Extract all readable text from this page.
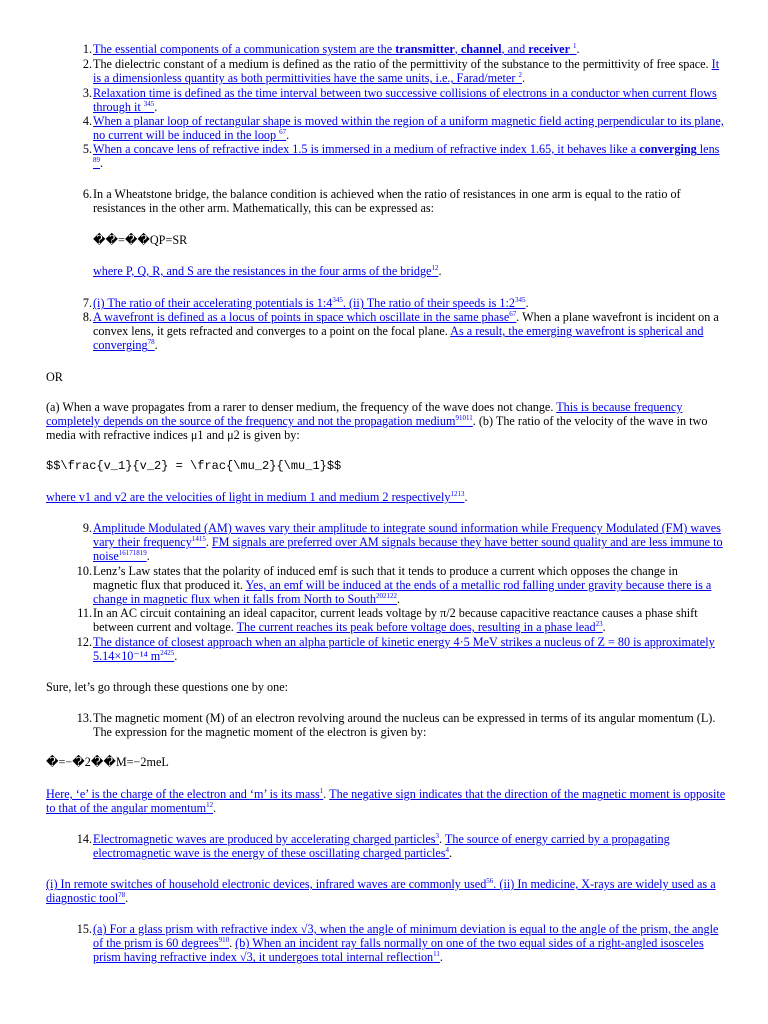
1. The essential components of a communication system are the transmitter, channel, and receiver $^1$.
2. The dielectric constant of a medium is defined as the ratio of the permittivity of the substance to the permittivity of free space. It is a dimensionless quantity as both permittivities have the same units, i.e., Farad/meter $^2$.
3. Relaxation time is defined as the time interval between two successive collisions of electrons in a conductor when current flows through it $^{345}$.
4. When a planar loop of rectangular shape is moved within the region of a uniform magnetic field acting perpendicular to its plane, no current will be induced in the loop $^{67}$.
5. When a concave lens of refractive index 1.5 is immersed in a medium of refractive index 1.65, it behaves like a converging lens $^{89}$.
6. In a Wheatstone bridge, the balance condition is achieved when the ratio of resistances in one arm is equal to the ratio of resistances in the other arm. Mathematically, this can be expressed as:
��=��QP​=SR​
where P, Q, R, and S are the resistances in the four arms of the bridge$^{12}$.
7. (i) The ratio of their accelerating potentials is $1:4^{345}$. (ii) The ratio of their speeds is $1:2^{345}$.
8. A wavefront is defined as a locus of points in space which oscillate in the same phase$^{67}$. When a plane wavefront is incident on a convex lens, it gets refracted and converges to a point on the focal plane. As a result, the emerging wavefront is spherical and converging$^{78}$.
OR
(a) When a wave propagates from a rarer to denser medium, the frequency of the wave does not change. This is because frequency completely depends on the source of the frequency and not the propagation medium$^{91011}$. (b) The ratio of the velocity of the wave in two media with refractive indices μ1 and μ2 is given by:
$$\frac{v_1}{v_2} = \frac{\mu_2}{\mu_1}$$
where v1 and v2 are the velocities of light in medium 1 and medium 2 respectively$^{1213}$.
9. Amplitude Modulated (AM) waves vary their amplitude to integrate sound information while Frequency Modulated (FM) waves vary their frequency$^{1415}$. FM signals are preferred over AM signals because they have better sound quality and are less immune to noise$^{16171819}$.
10. Lenz’s Law states that the polarity of induced emf is such that it tends to produce a current which opposes the change in magnetic flux that produced it. Yes, an emf will be induced at the ends of a metallic rod falling under gravity because there is a change in magnetic flux when it falls from North to South$^{202122}$.
11. In an AC circuit containing an ideal capacitor, current leads voltage by π/2 because capacitive reactance causes a phase shift between current and voltage. The current reaches its peak before voltage does, resulting in a phase lead$^{23}$.
12. The distance of closest approach when an alpha particle of kinetic energy 4·5 MeV strikes a nucleus of Z = 80 is approximately 5.14×10⁻¹⁴ $m^{2425}$.
Sure, let’s go through these questions one by one:
13. The magnetic moment (M) of an electron revolving around the nucleus can be expressed in terms of its angular momentum (L). The expression for the magnetic moment of the electron is given by:
�=−�2��M=−2meL​
Here, ‘e’ is the charge of the electron and ‘m’ is its mass$^1$. The negative sign indicates that the direction of the magnetic moment is opposite to that of the angular momentum$^{12}$.
14. Electromagnetic waves are produced by accelerating charged particles$^3$. The source of energy carried by a propagating electromagnetic wave is the energy of these oscillating charged particles$^4$.
(i) In remote switches of household electronic devices, infrared waves are commonly used$^{56}$. (ii) In medicine, X-rays are widely used as a diagnostic tool$^{78}$.
15. (a) For a glass prism with refractive index √3, when the angle of minimum deviation is equal to the angle of the prism, the angle of the prism is 60 degrees$^{910}$. (b) When an incident ray falls normally on one of the two equal sides of a right-angled isosceles prism having refractive index √3, it undergoes total internal reflection$^{11}$.
